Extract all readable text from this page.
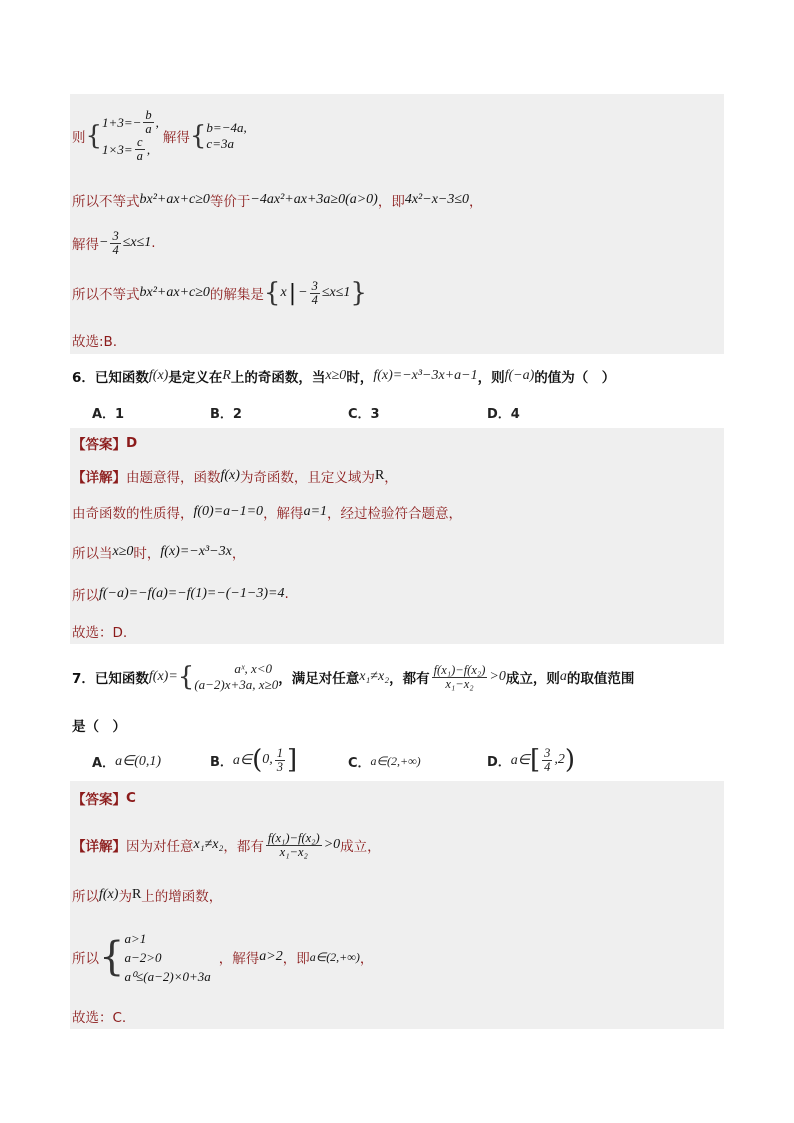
则 { $1+3=- \frac{b}{a}$ ,
$1\times 3= \frac{c}{a}$ ,
解得 { b=−4a,
c=3a
所以不等式 bx²+ax+c≥0 等价于 −4ax²+ax+3a≥0(a>0) ，即 4x²−x−3≤0 ，
解得 − $\frac{3}{4} \le x\le 1$ .
所以不等式 bx²+ax+c≥0 的解集是 { x | − $\frac{3}{4} \le x\le 1$ }
故选:B.
6．已知函数 f(x) 是定义在 R 上的奇函数，当 x≥0 时， f(x)=−x³−3x+a−1 ，则 f(−a) 的值为（　）
A．1	B．2	C．3	D．4
【答案】 D
【详解】 由题意得，函数 f(x) 为奇函数，且定义域为 R ，
由奇函数的性质得， f(0)=a−1=0 ，解得 a=1 ，经过检验符合题意，
所以当 x≥0 时， f(x)=−x³−3x ，
所以 f(−a)=−f(a)=−f(1)=−(−1−3)=4 .
故选：D.
7．已知函数 f(x)= {	aˣ, x<0
(a−2)x+3a, x≥0 ，满足对任意 x₁≠x₂ ，都有 $\frac{\text{f(x₁)−f(x₂)}}{\text{x₁−x₂}} >0$ 成立，则 a 的取值范围
是（　）
A． a∈(0,1)	B． a∈ ( 0, $\frac{1}{3}$ ]	C． a∈(2,+∞)	D． a∈ [ $\frac{3}{4} ,2$ )
【答案】 C
【详解】 因为对任意 x₁≠x₂ ，都有 $\frac{\text{f(x₁)−f(x₂)}}{\text{x₁−x₂}} >0$ 成立，
所以 f(x) 为 R 上的增函数，
所以 { a>1
a−2>0
a⁰≤(a−2)×0+3a
，解得 a>2 ，即 a∈(2,+∞) ，
故选：C.
